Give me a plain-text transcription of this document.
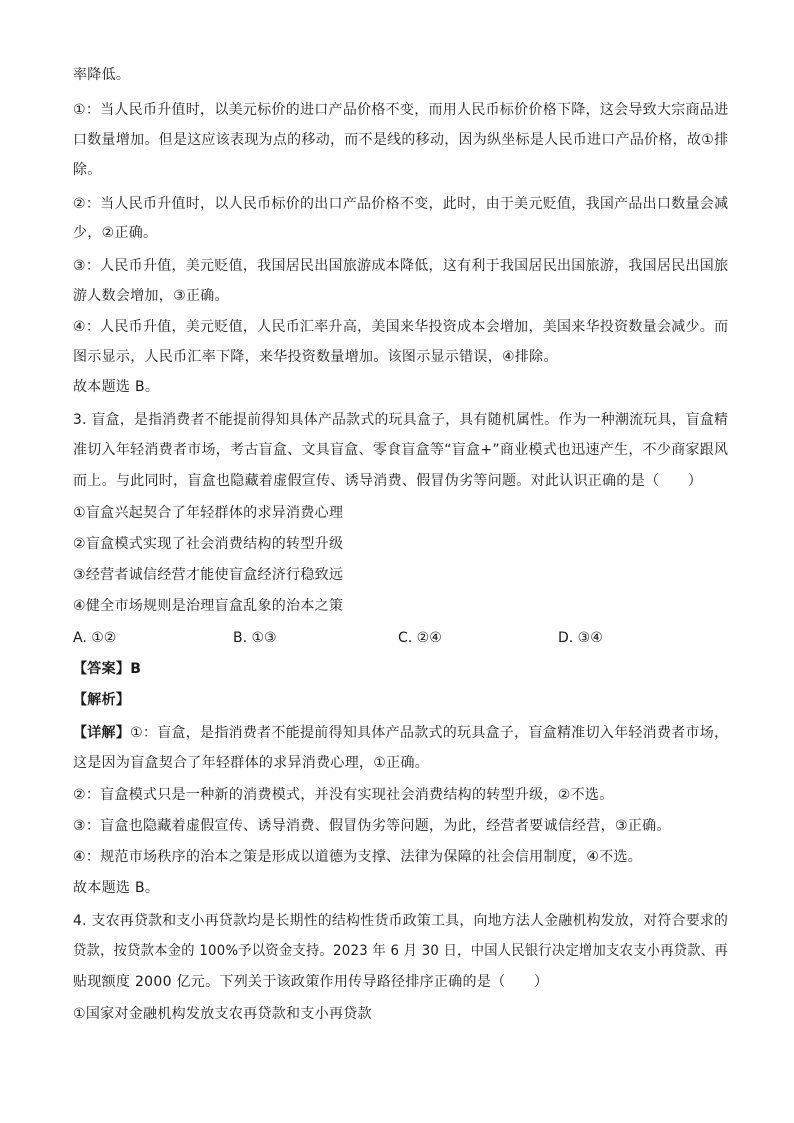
率降低。
①：当人民币升值时，以美元标价的进口产品价格不变，而用人民币标价价格下降，这会导致大宗商品进
口数量增加。但是这应该表现为点的移动，而不是线的移动，因为纵坐标是人民币进口产品价格，故①排
除。
②：当人民币升值时，以人民币标价的出口产品价格不变，此时，由于美元贬值，我国产品出口数量会减
少，②正确。
③：人民币升值，美元贬值，我国居民出国旅游成本降低，这有利于我国居民出国旅游，我国居民出国旅
游人数会增加，③正确。
④：人民币升值，美元贬值，人民币汇率升高，美国来华投资成本会增加，美国来华投资数量会减少。而
图示显示，人民币汇率下降，来华投资数量增加。该图示显示错误，④排除。
故本题选 B。
3. 盲盒，是指消费者不能提前得知具体产品款式的玩具盒子，具有随机属性。作为一种潮流玩具，盲盒精
准切入年轻消费者市场，考古盲盒、文具盲盒、零食盲盒等“盲盒+”商业模式也迅速产生，不少商家跟风
而上。与此同时，盲盒也隐藏着虚假宣传、诱导消费、假冒伪劣等问题。对此认识正确的是（　　）
①盲盒兴起契合了年轻群体的求异消费心理
②盲盒模式实现了社会消费结构的转型升级
③经营者诚信经营才能使盲盒经济行稳致远
④健全市场规则是治理盲盒乱象的治本之策
A. ①②	B. ①③	C. ②④	D. ③④
【答案】B
【解析】
【详解】①：盲盒，是指消费者不能提前得知具体产品款式的玩具盒子，盲盒精准切入年轻消费者市场，
这是因为盲盒契合了年轻群体的求异消费心理，①正确。
②：盲盒模式只是一种新的消费模式，并没有实现社会消费结构的转型升级，②不选。
③：盲盒也隐藏着虚假宣传、诱导消费、假冒伪劣等问题，为此，经营者要诚信经营，③正确。
④：规范市场秩序的治本之策是形成以道德为支撑、法律为保障的社会信用制度，④不选。
故本题选 B。
4. 支农再贷款和支小再贷款均是长期性的结构性货币政策工具，向地方法人金融机构发放，对符合要求的
贷款，按贷款本金的 100%予以资金支持。2023 年 6 月 30 日，中国人民银行决定增加支农支小再贷款、再
贴现额度 2000 亿元。下列关于该政策作用传导路径排序正确的是（　　）
①国家对金融机构发放支农再贷款和支小再贷款
